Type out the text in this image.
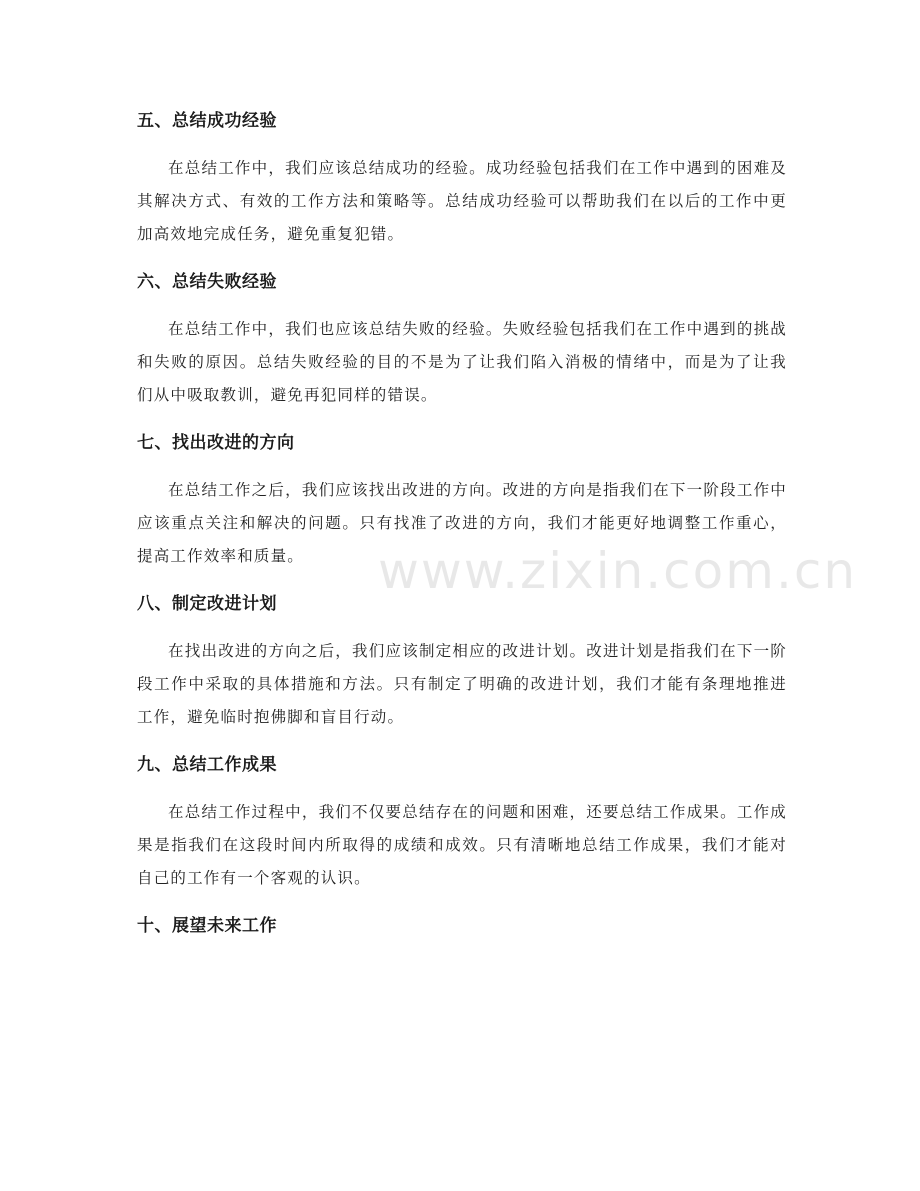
五、总结成功经验

在总结工作中，我们应该总结成功的经验。成功经验包括我们在工作中遇到的困难及其解决方式、有效的工作方法和策略等。总结成功经验可以帮助我们在以后的工作中更加高效地完成任务，避免重复犯错。

六、总结失败经验

在总结工作中，我们也应该总结失败的经验。失败经验包括我们在工作中遇到的挑战和失败的原因。总结失败经验的目的不是为了让我们陷入消极的情绪中，而是为了让我们从中吸取教训，避免再犯同样的错误。

七、找出改进的方向

在总结工作之后，我们应该找出改进的方向。改进的方向是指我们在下一阶段工作中应该重点关注和解决的问题。只有找准了改进的方向，我们才能更好地调整工作重心，提高工作效率和质量。

八、制定改进计划

在找出改进的方向之后，我们应该制定相应的改进计划。改进计划是指我们在下一阶段工作中采取的具体措施和方法。只有制定了明确的改进计划，我们才能有条理地推进工作，避免临时抱佛脚和盲目行动。

九、总结工作成果

在总结工作过程中，我们不仅要总结存在的问题和困难，还要总结工作成果。工作成果是指我们在这段时间内所取得的成绩和成效。只有清晰地总结工作成果，我们才能对自己的工作有一个客观的认识。

十、展望未来工作
www.zixin.com.cn
